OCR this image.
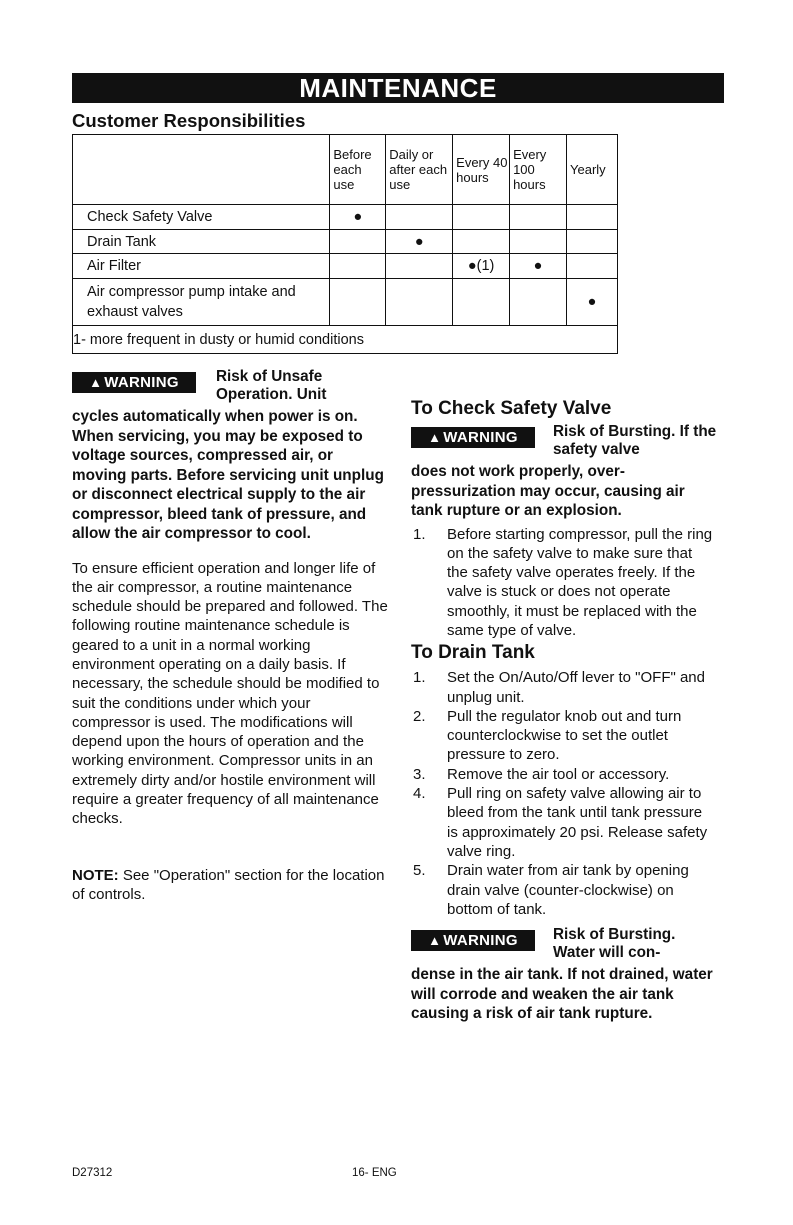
MAINTENANCE
Customer Responsibilities
	Before each use	Daily or after each use	Every 40 hours	Every 100 hours	Yearly
Check Safety Valve	●				
Drain Tank		●			
Air Filter			●(1)	●	
Air compressor pump intake and exhaust valves					●
1- more frequent in dusty or humid conditions					
▲ WARNING	Risk of Unsafe Operation. Unit

cycles automatically when power is on. When servicing, you may be exposed to voltage sources, compressed air, or moving parts. Before servicing unit unplug or disconnect electrical supply to the air compressor, bleed tank of pressure, and allow the air compressor to cool.

To ensure efficient operation and longer life of the air compressor, a routine maintenance schedule should be prepared and followed. The following routine maintenance schedule is geared to a unit in a normal working environment operating on a daily basis. If necessary, the schedule should be modified to suit the conditions under which your compressor is used. The modifications will depend upon the hours of operation and the working environment. Compressor units in an extremely dirty and/or hostile environment will require a greater frequency of all maintenance checks.

NOTE: See "Operation" section for the location of controls.

To Check Safety Valve

▲ WARNING	Risk of Bursting. If the safety valve

does not work properly, over-pressurization may occur, causing air tank rupture or an explosion.

1. Before starting compressor, pull the ring on the safety valve to make sure that the safety valve operates freely. If the valve is stuck or does not operate smoothly, it must be replaced with the same type of valve.

To Drain Tank

1. Set the On/Auto/Off lever to "OFF" and unplug unit.
2. Pull the regulator knob out and turn counterclockwise to set the outlet pressure to zero.
3. Remove the air tool or accessory.
4. Pull ring on safety valve allowing air to bleed from the tank until tank pressure is approximately 20 psi. Release safety valve ring.
5. Drain water from air tank by opening drain valve (counter-clockwise) on bottom of tank.
▲ WARNING	Risk of Bursting. Water will con-

dense in the air tank. If not drained, water will corrode and weaken the air tank causing a risk of air tank rupture.

D27312	16- ENG
